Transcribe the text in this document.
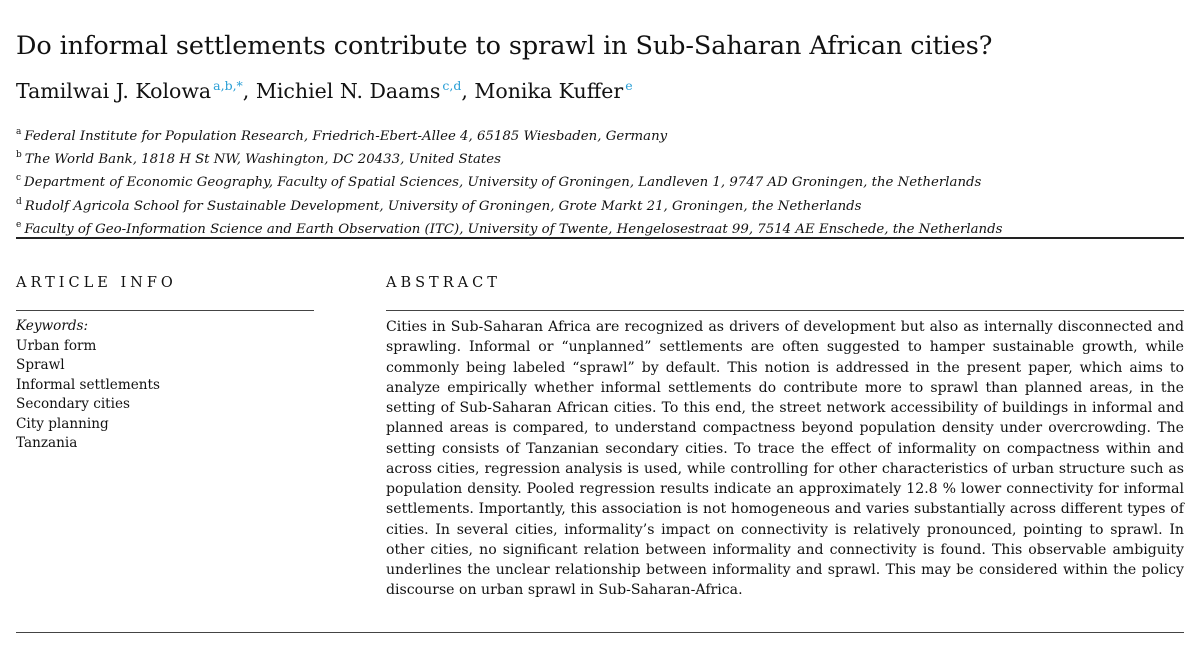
Do informal settlements contribute to sprawl in Sub-Saharan African cities?
Tamilwai J. Kolowa $^{a,b,*}$, Michiel N. Daams $^{c,d}$, Monika Kuffer $^e$
$^a$ Federal Institute for Population Research, Friedrich-Ebert-Allee 4, 65185 Wiesbaden, Germany
$^b$ The World Bank, 1818 H St NW, Washington, DC 20433, United States
$^c$ Department of Economic Geography, Faculty of Spatial Sciences, University of Groningen, Landleven 1, 9747 AD Groningen, the Netherlands
$^d$ Rudolf Agricola School for Sustainable Development, University of Groningen, Grote Markt 21, Groningen, the Netherlands
$^e$ Faculty of Geo-Information Science and Earth Observation (ITC), University of Twente, Hengelosestraat 99, 7514 AE Enschede, the Netherlands
ARTICLE INFO
Keywords:
Urban form
Sprawl
Informal settlements
Secondary cities
City planning
Tanzania
ABSTRACT

Cities in Sub-Saharan Africa are recognized as drivers of development but also as internally disconnected and sprawling. Informal or “unplanned” settlements are often suggested to hamper sustainable growth, while commonly being labeled “sprawl” by default. This notion is addressed in the present paper, which aims to analyze empirically whether informal settlements do contribute more to sprawl than planned areas, in the setting of Sub-Saharan African cities. To this end, the street network accessibility of buildings in informal and planned areas is compared, to understand compactness beyond population density under overcrowding. The setting consists of Tanzanian secondary cities. To trace the effect of informality on compactness within and across cities, regression analysis is used, while controlling for other characteristics of urban structure such as population density. Pooled regression results indicate an approximately 12.8 % lower connectivity for informal settlements. Importantly, this association is not homogeneous and varies substantially across different types of cities. In several cities, informality’s impact on connectivity is relatively pronounced, pointing to sprawl. In other cities, no significant relation between informality and connectivity is found. This observable ambiguity underlines the unclear relationship between informality and sprawl. This may be considered within the policy discourse on urban sprawl in Sub-Saharan-Africa.
